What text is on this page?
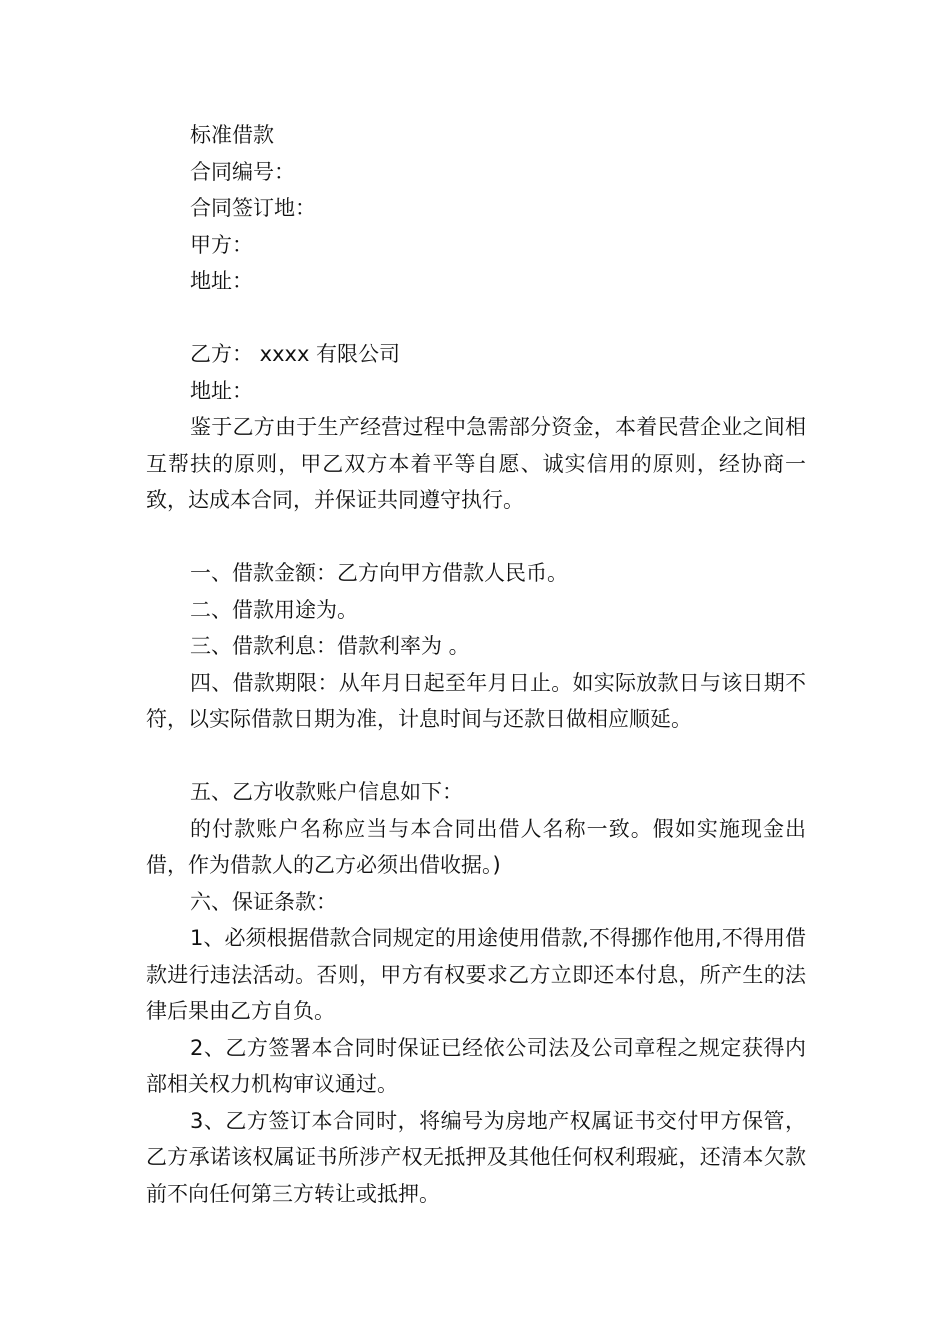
标准借款

合同编号：

合同签订地：

甲方：

地址：

乙方： xxxx 有限公司

地址：

鉴于乙方由于生产经营过程中急需部分资金，本着民营企业之间相互帮扶的原则，甲乙双方本着平等自愿、诚实信用的原则，经协商一致，达成本合同，并保证共同遵守执行。

一、借款金额：乙方向甲方借款人民币。

二、借款用途为。

三、借款利息：借款利率为 。

四、借款期限：从年月日起至年月日止。如实际放款日与该日期不符，以实际借款日期为准，计息时间与还款日做相应顺延。

五、乙方收款账户信息如下：

的付款账户名称应当与本合同出借人名称一致。假如实施现金出借，作为借款人的乙方必须出借收据。)

六、保证条款：

1、必须根据借款合同规定的用途使用借款,不得挪作他用,不得用借款进行违法活动。否则，甲方有权要求乙方立即还本付息，所产生的法律后果由乙方自负。

2、乙方签署本合同时保证已经依公司法及公司章程之规定获得内部相关权力机构审议通过。

3、乙方签订本合同时，将编号为房地产权属证书交付甲方保管，乙方承诺该权属证书所涉产权无抵押及其他任何权利瑕疵，还清本欠款前不向任何第三方转让或抵押。
